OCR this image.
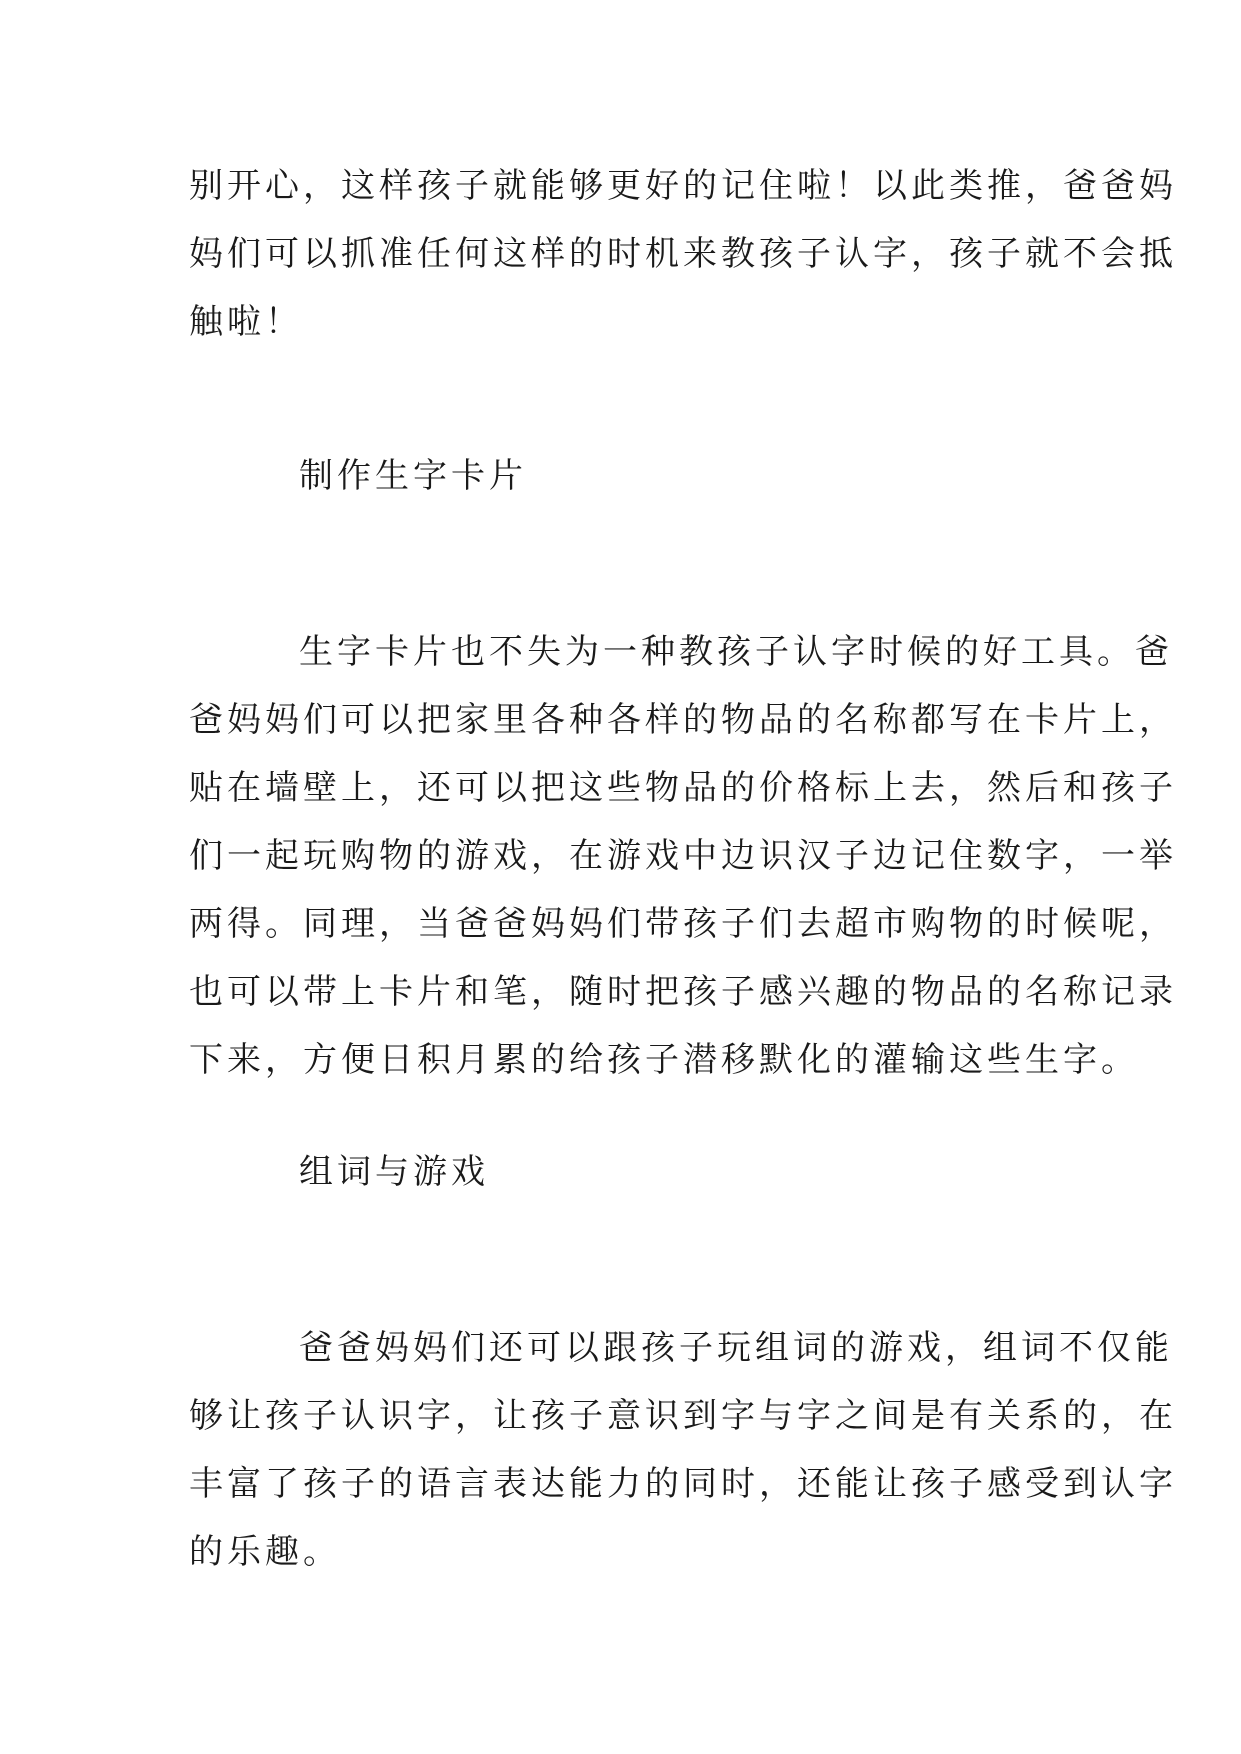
别开心，这样孩子就能够更好的记住啦！以此类推，爸爸妈
妈们可以抓准任何这样的时机来教孩子认字，孩子就不会抵
触啦！

制作生字卡片

生字卡片也不失为一种教孩子认字时候的好工具。爸
爸妈妈们可以把家里各种各样的物品的名称都写在卡片上，
贴在墙壁上，还可以把这些物品的价格标上去，然后和孩子
们一起玩购物的游戏，在游戏中边识汉子边记住数字，一举
两得。同理，当爸爸妈妈们带孩子们去超市购物的时候呢，
也可以带上卡片和笔，随时把孩子感兴趣的物品的名称记录
下来，方便日积月累的给孩子潜移默化的灌输这些生字。

组词与游戏

爸爸妈妈们还可以跟孩子玩组词的游戏，组词不仅能
够让孩子认识字，让孩子意识到字与字之间是有关系的，在
丰富了孩子的语言表达能力的同时，还能让孩子感受到认字
的乐趣。
